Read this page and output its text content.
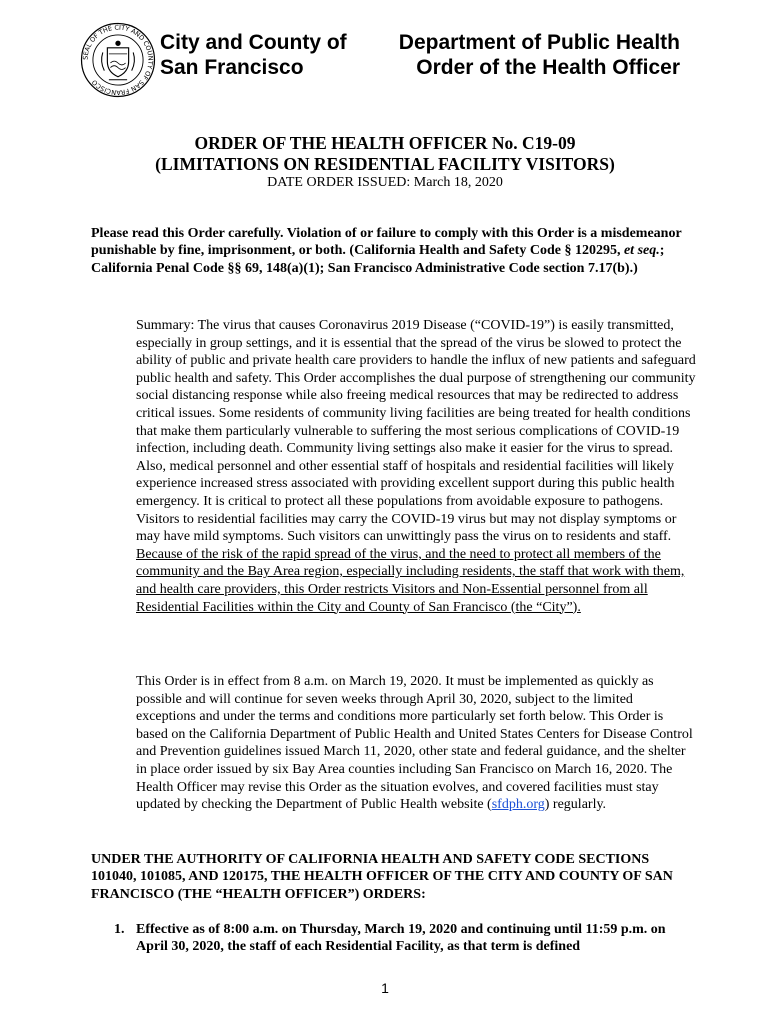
SEAL OF THE CITY AND COUNTY OF SAN FRANCISCO
City and County of
San Francisco
Department of Public Health
Order of the Health Officer
ORDER OF THE HEALTH OFFICER No. C19-09
(LIMITATIONS ON RESIDENTIAL FACILITY VISITORS)
DATE ORDER ISSUED: March 18, 2020

Please read this Order carefully. Violation of or failure to comply with this Order is a misdemeanor punishable by fine, imprisonment, or both. (California Health and Safety Code § 120295, et seq.; California Penal Code §§ 69, 148(a)(1); San Francisco Administrative Code section 7.17(b).)

Summary: The virus that causes Coronavirus 2019 Disease (“COVID-19”) is easily transmitted, especially in group settings, and it is essential that the spread of the virus be slowed to protect the ability of public and private health care providers to handle the influx of new patients and safeguard public health and safety. This Order accomplishes the dual purpose of strengthening our community social distancing response while also freeing medical resources that may be redirected to address critical issues. Some residents of community living facilities are being treated for health conditions that make them particularly vulnerable to suffering the most serious complications of COVID-19 infection, including death. Community living settings also make it easier for the virus to spread. Also, medical personnel and other essential staff of hospitals and residential facilities will likely experience increased stress associated with providing excellent support during this public health emergency. It is critical to protect all these populations from avoidable exposure to pathogens. Visitors to residential facilities may carry the COVID-19 virus but may not display symptoms or may have mild symptoms. Such visitors can unwittingly pass the virus on to residents and staff. Because of the risk of the rapid spread of the virus, and the need to protect all members of the community and the Bay Area region, especially including residents, the staff that work with them, and health care providers, this Order restricts Visitors and Non-Essential personnel from all Residential Facilities within the City and County of San Francisco (the “City”).

This Order is in effect from 8 a.m. on March 19, 2020. It must be implemented as quickly as possible and will continue for seven weeks through April 30, 2020, subject to the limited exceptions and under the terms and conditions more particularly set forth below. This Order is based on the California Department of Public Health and United States Centers for Disease Control and Prevention guidelines issued March 11, 2020, other state and federal guidance, and the shelter in place order issued by six Bay Area counties including San Francisco on March 16, 2020. The Health Officer may revise this Order as the situation evolves, and covered facilities must stay updated by checking the Department of Public Health website (sfdph.org) regularly.

UNDER THE AUTHORITY OF CALIFORNIA HEALTH AND SAFETY CODE SECTIONS 101040, 101085, AND 120175, THE HEALTH OFFICER OF THE CITY AND COUNTY OF SAN FRANCISCO (THE “HEALTH OFFICER”) ORDERS:

1. Effective as of 8:00 a.m. on Thursday, March 19, 2020 and continuing until 11:59 p.m. on April 30, 2020, the staff of each Residential Facility, as that term is defined
1
